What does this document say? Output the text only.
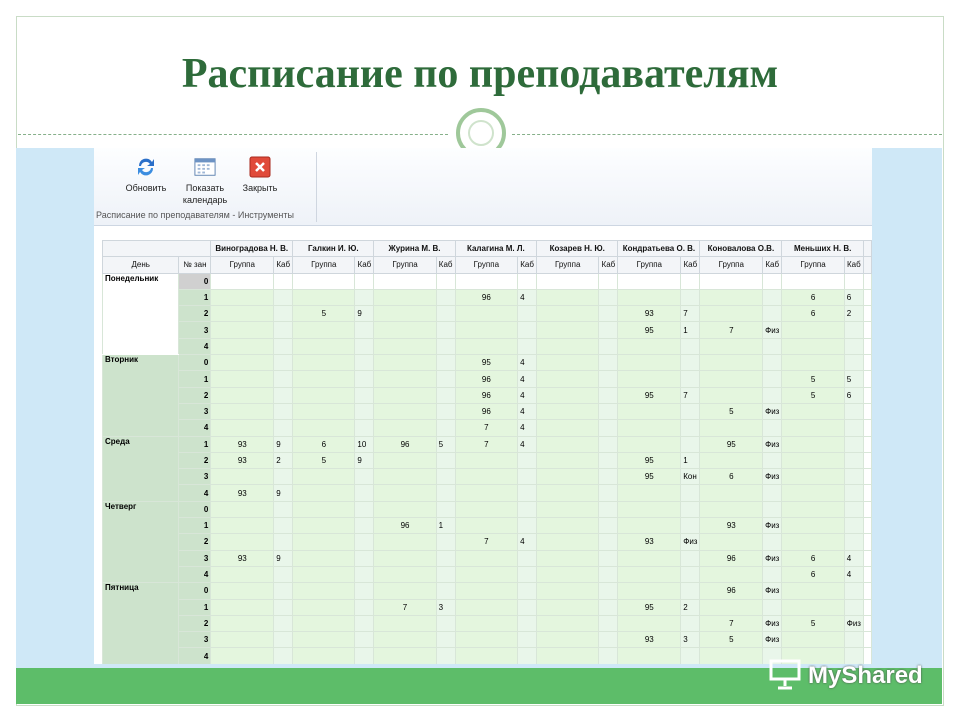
Расписание по преподавателям
Обновить	Показать
календарь
Закрыть
Расписание по преподавателям - Инструменты
		Виноградова Н. В.		Галкин И. Ю.		Журина М. В.		Калагина М. Л.		Козарев Н. Ю.		Кондратьева О. В.		Коновалова О.В.		Меньших Н. В.		
День	№ зан	Группа	Каб	Группа	Каб	Группа	Каб	Группа	Каб	Группа	Каб	Группа	Каб	Группа	Каб	Группа	Каб	
Понедельник	0																	
	1							96	4							6	6	
	2			5	9							93	7			6	2	
	3											95	1	7	Физ			
	4																	
Вторник	0							95	4									
	1							96	4							5	5	
	2							96	4			95	7			5	6	
	3							96	4					5	Физ			
	4							7	4									
Среда	1	93	9	6	10	96	5	7	4					95	Физ			
	2	93	2	5	9							95	1					
	3											95	Кон	6	Физ			
	4	93	9															
Четверг	0																	
	1					96	1							93	Физ			
	2							7	4			93	Физ					
	3	93	9											96	Физ	6	4	
	4															6	4	
Пятница	0													96	Физ			
	1					7	3					95	2					
	2													7	Физ	5	Физ	
	3											93	3	5	Физ			
	4																	
MyShared
